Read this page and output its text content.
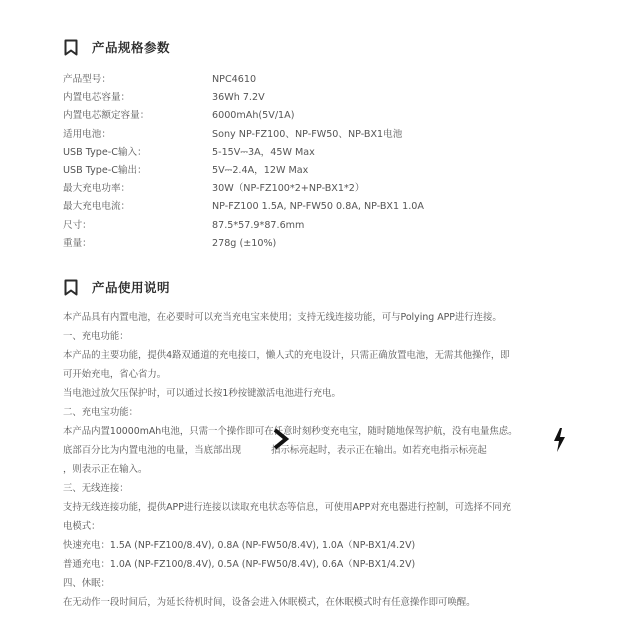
产品规格参数
产品型号：	NPC4610
内置电芯容量：	36Wh 7.2V
内置电芯额定容量：	6000mAh(5V/1A)
适用电池：	Sony NP-FZ100、NP-FW50、NP-BX1电池
USB Type-C输入：	5-15V⎓3A，45W Max
USB Type-C输出：	5V⎓2.4A，12W Max
最大充电功率：	30W（NP-FZ100*2+NP-BX1*2）
最大充电电流：	NP-FZ100 1.5A, NP-FW50 0.8A, NP-BX1 1.0A
尺寸：	87.5*57.9*87.6mm
重量：	278g (±10%)
产品使用说明
本产品具有内置电池，在必要时可以充当充电宝来使用；支持无线连接功能，可与Polying APP进行连接。
一、充电功能：
本产品的主要功能，提供4路双通道的充电接口，懒人式的充电设计，只需正确放置电池，无需其他操作，即
可开始充电，省心省力。
当电池过放欠压保护时，可以通过长按1秒按键激活电池进行充电。
二、充电宝功能：
本产品内置10000mAh电池，只需一个操作即可在任意时刻秒变充电宝，随时随地保驾护航，没有电量焦虑。
底部百分比为内置电池的电量，当底部出现	指示标亮起时，表示正在输出。如若充电指示标亮起
，则表示正在输入。
三、无线连接：
支持无线连接功能，提供APP进行连接以读取充电状态等信息，可使用APP对充电器进行控制，可选择不同充
电模式：
快速充电：1.5A (NP-FZ100/8.4V), 0.8A (NP-FW50/8.4V), 1.0A（NP-BX1/4.2V)
普通充电：1.0A (NP-FZ100/8.4V), 0.5A (NP-FW50/8.4V), 0.6A（NP-BX1/4.2V)
四、休眠：
在无动作一段时间后，为延长待机时间，设备会进入休眠模式，在休眠模式时有任意操作即可唤醒。
